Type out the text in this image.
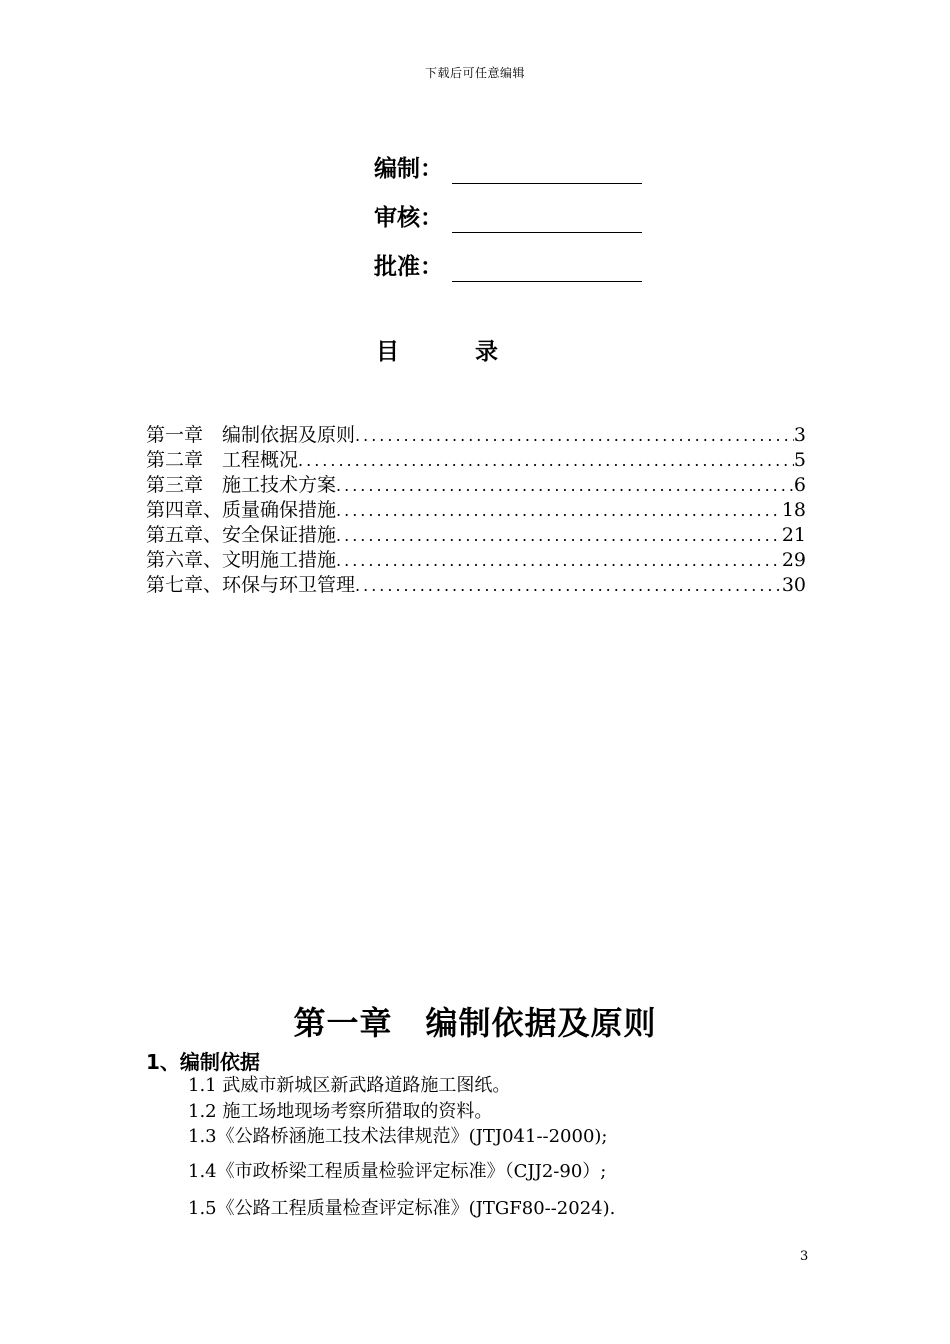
下载后可任意编辑
编制：
审核：
批准：
目	录
第一章　编制依据及原则 .....	3
第二章　工程概况 .....	5
第三章　施工技术方案 .....	6
第四章、质量确保措施 .....	18
第五章、安全保证措施 .....	21
第六章、文明施工措施 .....	29
第七章、环保与环卫管理 .....	30
第一章　编制依据及原则
1、编制依据
1.1 武威市新城区新武路道路施工图纸。
1.2 施工场地现场考察所猎取的资料。
1.3《公路桥涵施工技术法律规范》(JTJ041--2000);
1.4《市政桥梁工程质量检验评定标准》（CJJ2-90）;
1.5《公路工程质量检查评定标准》(JTGF80--2024).
3
